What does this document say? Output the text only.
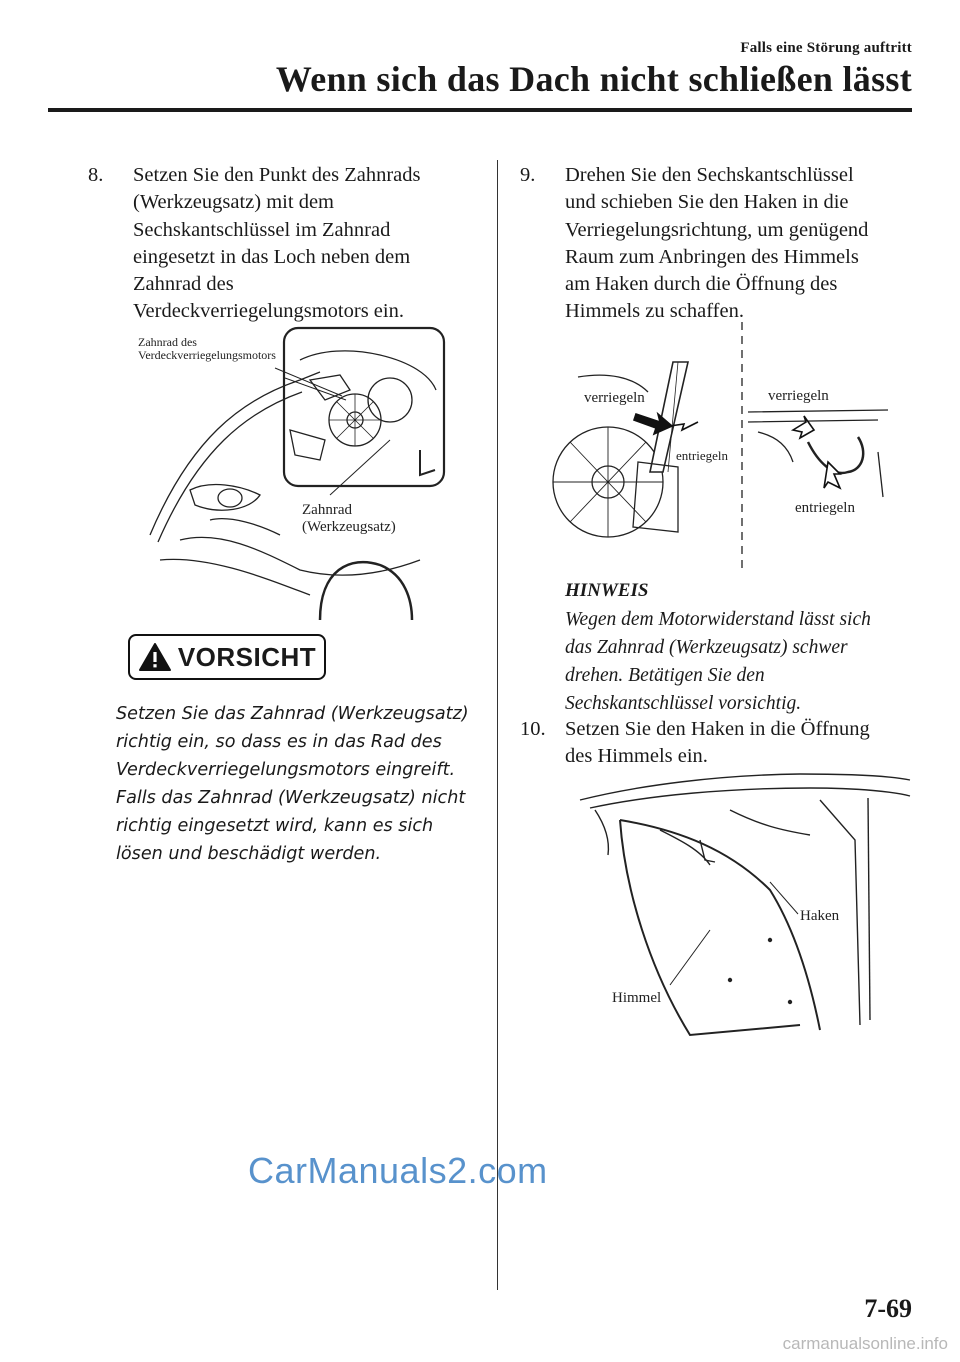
Falls eine Störung auftritt
Wenn sich das Dach nicht schließen lässt
8. Setzen Sie den Punkt des Zahnrads
(Werkzeugsatz) mit dem
Sechskantschlüssel im Zahnrad
eingesetzt in das Loch neben dem
Zahnrad des
Verdeckverriegelungsmotors ein.
Zahnrad des
Verdeckverriegelungsmotors
Zahnrad
(Werkzeugsatz)
VORSICHT
Setzen Sie das Zahnrad (Werkzeugsatz)
richtig ein, so dass es in das Rad des
Verdeckverriegelungsmotors eingreift.
Falls das Zahnrad (Werkzeugsatz) nicht
richtig eingesetzt wird, kann es sich
lösen und beschädigt werden.
9. Drehen Sie den Sechskantschlüssel
und schieben Sie den Haken in die
Verriegelungsrichtung, um genügend
Raum zum Anbringen des Himmels
am Haken durch die Öffnung des
Himmels zu schaffen.
verriegeln
entriegeln
verriegeln
entriegeln
HINWEIS
Wegen dem Motorwiderstand lässt sich
das Zahnrad (Werkzeugsatz) schwer
drehen. Betätigen Sie den
Sechskantschlüssel vorsichtig.
10. Setzen Sie den Haken in die Öffnung
des Himmels ein.
Haken
Himmel
CarManuals2.com
7-69
carmanualsonline.info
